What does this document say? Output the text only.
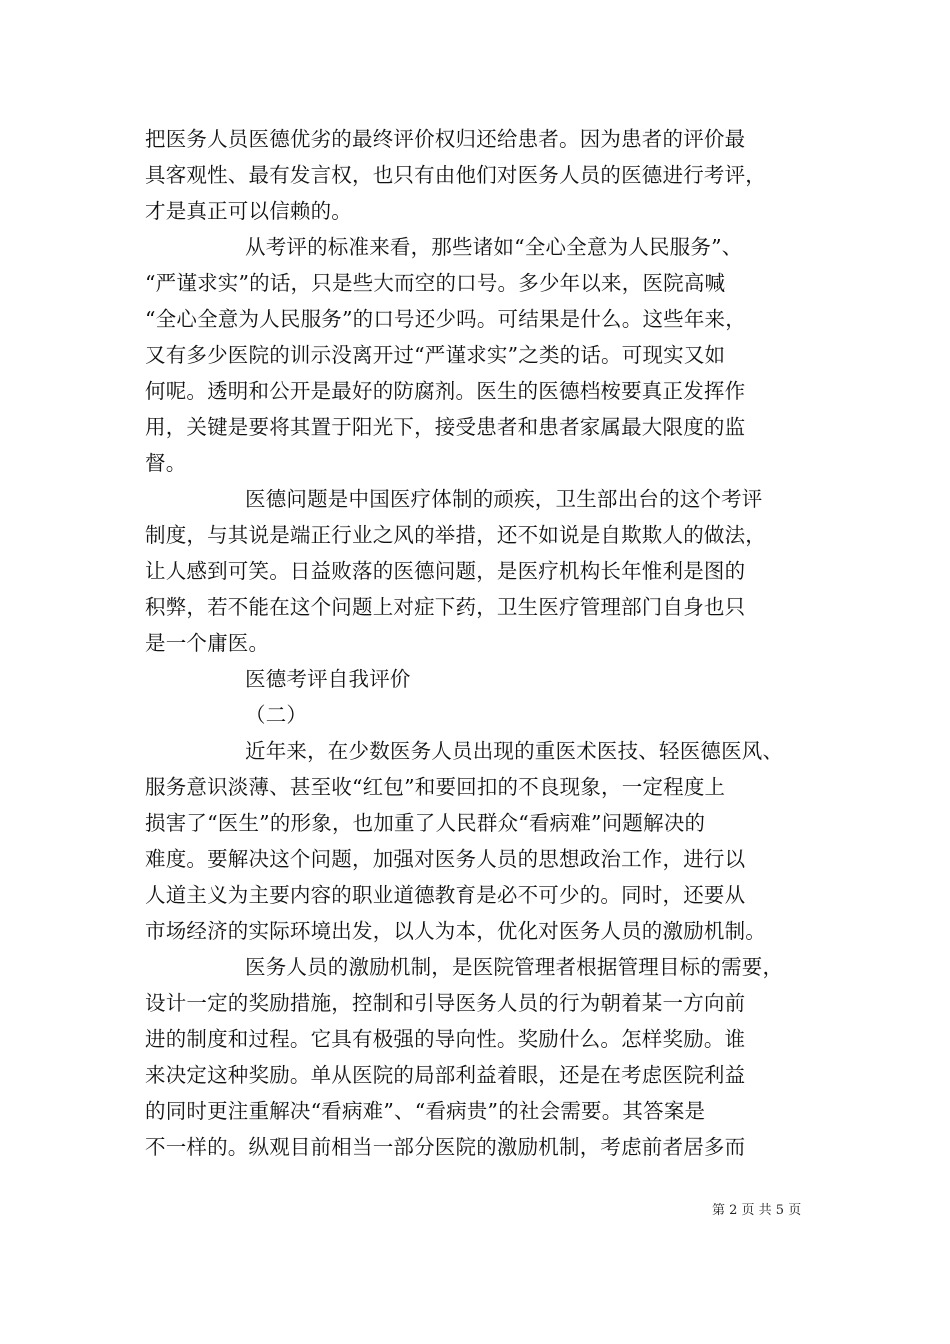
把医务人员医德优劣的最终评价权归还给患者。因为患者的评价最
具客观性、最有发言权，也只有由他们对医务人员的医德进行考评，
才是真正可以信赖的。
从考评的标准来看，那些诸如“全心全意为人民服务”、
“严谨求实”的话，只是些大而空的口号。多少年以来，医院高喊
“全心全意为人民服务”的口号还少吗。可结果是什么。这些年来，
又有多少医院的训示没离开过“严谨求实”之类的话。可现实又如
何呢。透明和公开是最好的防腐剂。医生的医德档桉要真正发挥作
用，关键是要将其置于阳光下，接受患者和患者家属最大限度的监
督。
医德问题是中国医疗体制的顽疾，卫生部出台的这个考评
制度，与其说是端正行业之风的举措，还不如说是自欺欺人的做法，
让人感到可笑。日益败落的医德问题，是医疗机构长年惟利是图的
积弊，若不能在这个问题上对症下药，卫生医疗管理部门自身也只
是一个庸医。
医德考评自我评价
（二）
近年来，在少数医务人员出现的重医术医技、轻医德医风、
服务意识淡薄、甚至收“红包”和要回扣的不良现象，一定程度上
损害了“医生”的形象，也加重了人民群众“看病难”问题解决的
难度。要解决这个问题，加强对医务人员的思想政治工作，进行以
人道主义为主要内容的职业道德教育是必不可少的。同时，还要从
市场经济的实际环境出发，以人为本，优化对医务人员的激励机制。
医务人员的激励机制，是医院管理者根据管理目标的需要，
设计一定的奖励措施，控制和引导医务人员的行为朝着某一方向前
进的制度和过程。它具有极强的导向性。奖励什么。怎样奖励。谁
来决定这种奖励。单从医院的局部利益着眼，还是在考虑医院利益
的同时更注重解决“看病难”、“看病贵”的社会需要。其答案是
不一样的。纵观目前相当一部分医院的激励机制，考虑前者居多而
第 2 页 共 5 页
